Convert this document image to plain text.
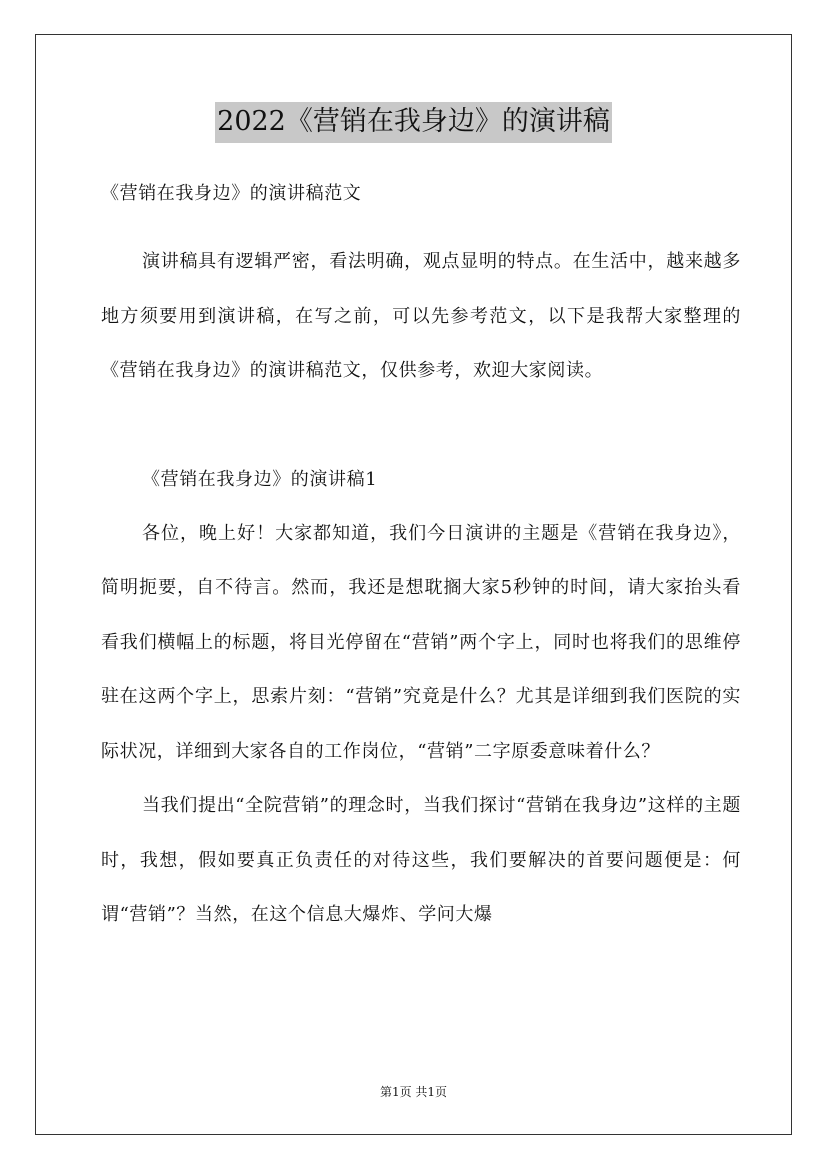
2022《营销在我身边》的演讲稿

《营销在我身边》的演讲稿范文

演讲稿具有逻辑严密，看法明确，观点显明的特点。在生活中，越来越多地方须要用到演讲稿，在写之前，可以先参考范文，以下是我帮大家整理的《营销在我身边》的演讲稿范文，仅供参考，欢迎大家阅读。

《营销在我身边》的演讲稿1

各位，晚上好！大家都知道，我们今日演讲的主题是《营销在我身边》，简明扼要，自不待言。然而，我还是想耽搁大家5秒钟的时间，请大家抬头看看我们横幅上的标题，将目光停留在“营销”两个字上，同时也将我们的思维停驻在这两个字上，思索片刻：“营销”究竟是什么？尤其是详细到我们医院的实际状况，详细到大家各自的工作岗位，“营销”二字原委意味着什么？

当我们提出“全院营销”的理念时，当我们探讨“营销在我身边”这样的主题时，我想，假如要真正负责任的对待这些，我们要解决的首要问题便是：何谓“营销”？当然，在这个信息大爆炸、学问大爆

第1页 共1页
